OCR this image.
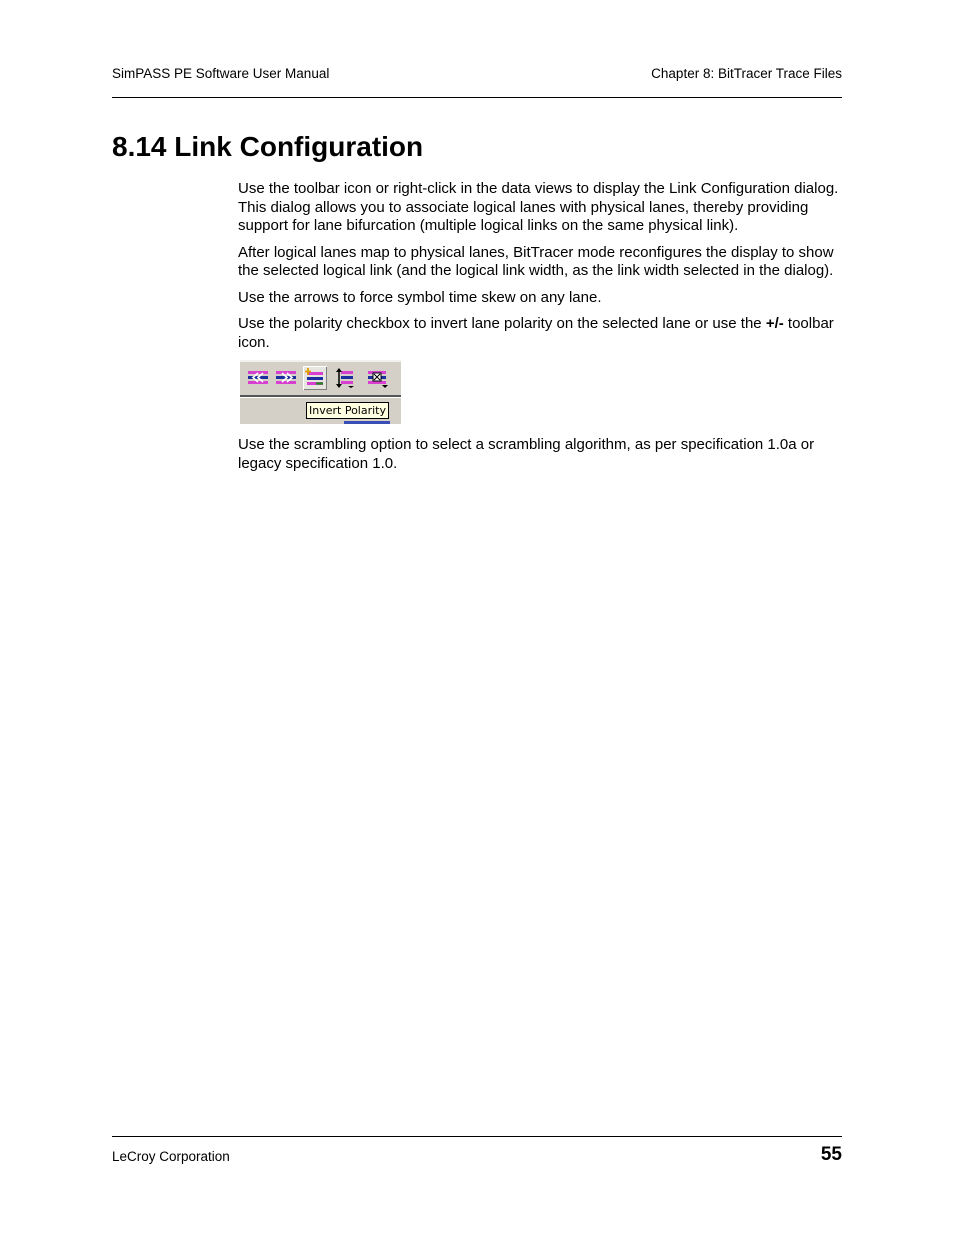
SimPASS PE Software User Manual	Chapter 8: BitTracer Trace Files
8.14 Link Configuration

Use the toolbar icon or right-click in the data views to display the Link Configuration dialog. This dialog allows you to associate logical lanes with physical lanes, thereby providing support for lane bifurcation (multiple logical links on the same physical link).

After logical lanes map to physical lanes, BitTracer mode reconfigures the display to show the selected logical link (and the logical link width, as the link width selected in the dialog).

Use the arrows to force symbol time skew on any lane.

Use the polarity checkbox to invert lane polarity on the selected lane or use the +/- toolbar icon.

Invert Polarity

Use the scrambling option to select a scrambling algorithm, as per specification 1.0a or legacy specification 1.0.

LeCroy Corporation	55
